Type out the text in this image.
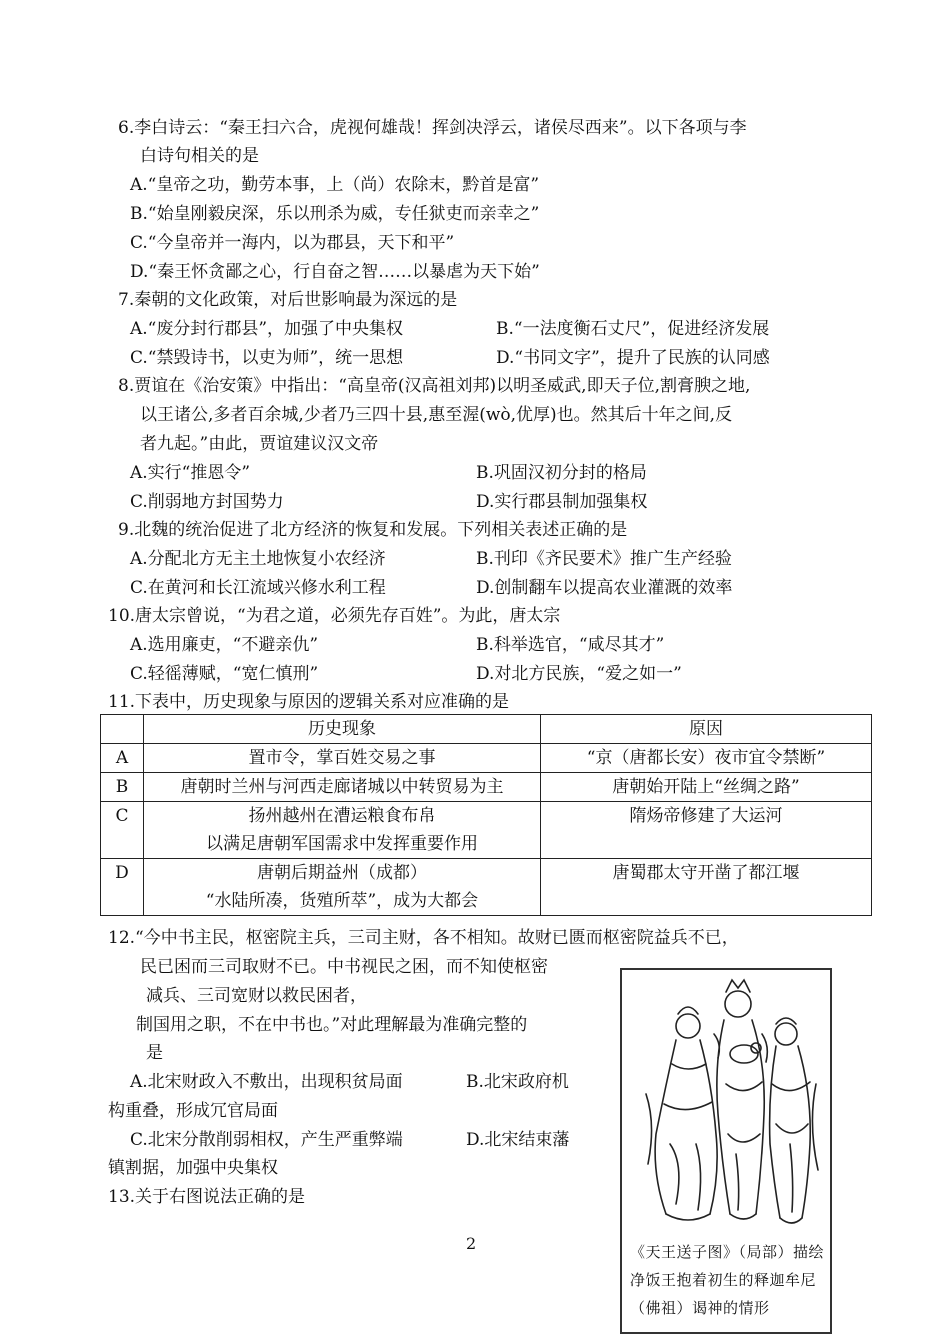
6.李白诗云：“秦王扫六合，虎视何雄哉！挥剑决浮云，诸侯尽西来”。以下各项与李
白诗句相关的是
A.“皇帝之功，勤劳本事，上（尚）农除末，黔首是富”
B.“始皇刚毅戾深，乐以刑杀为威，专任狱吏而亲幸之”
C.“今皇帝并一海内，以为郡县，天下和平”
D.“秦王怀贪鄙之心，行自奋之智……以暴虐为天下始”
7.秦朝的文化政策，对后世影响最为深远的是
A.“废分封行郡县”，加强了中央集权	B.“一法度衡石丈尺”，促进经济发展
C.“禁毁诗书，以吏为师”，统一思想	D.“书同文字”，提升了民族的认同感
8.贾谊在《治安策》中指出：“高皇帝(汉高祖刘邦)以明圣威武,即天子位,割膏腴之地,
以王诸公,多者百余城,少者乃三四十县,惠至渥(wò,优厚)也。然其后十年之间,反
者九起。”由此，贾谊建议汉文帝
A.实行“推恩令”	B.巩固汉初分封的格局
C.削弱地方封国势力	D.实行郡县制加强集权
9.北魏的统治促进了北方经济的恢复和发展。下列相关表述正确的是
A.分配北方无主土地恢复小农经济	B.刊印《齐民要术》推广生产经验
C.在黄河和长江流域兴修水利工程	D.创制翻车以提高农业灌溉的效率
10.唐太宗曾说，“为君之道，必须先存百姓”。为此，唐太宗
A.选用廉吏，“不避亲仇”	B.科举选官，“咸尽其才”
C.轻徭薄赋，“宽仁慎刑”	D.对北方民族，“爱之如一”
11.下表中，历史现象与原因的逻辑关系对应准确的是
	历史现象	原因
A	置市令，掌百姓交易之事	“京（唐都长安）夜市宜令禁断”
B	唐朝时兰州与河西走廊诸城以中转贸易为主	唐朝始开陆上“丝绸之路”
C	扬州越州在漕运粮食布帛
以满足唐朝军国需求中发挥重要作用	隋炀帝修建了大运河
D	唐朝后期益州（成都）
“水陆所凑，货殖所萃”，成为大都会	唐蜀郡太守开凿了都江堰
12.“今中书主民，枢密院主兵，三司主财，各不相知。故财已匮而枢密院益兵不已，
民已困而三司取财不已。中书视民之困，而不知使枢密
减兵、三司宽财以救民困者，
制国用之职，不在中书也。”对此理解最为准确完整的
是
A.北宋财政入不敷出，出现积贫局面	B.北宋政府机
构重叠，形成冗官局面
C.北宋分散削弱相权，产生严重弊端	D.北宋结束藩
镇割据，加强中央集权
13.关于右图说法正确的是
《天王送子图》（局部）描绘净饭王抱着初生的释迦牟尼（佛祖）谒神的情形
2
